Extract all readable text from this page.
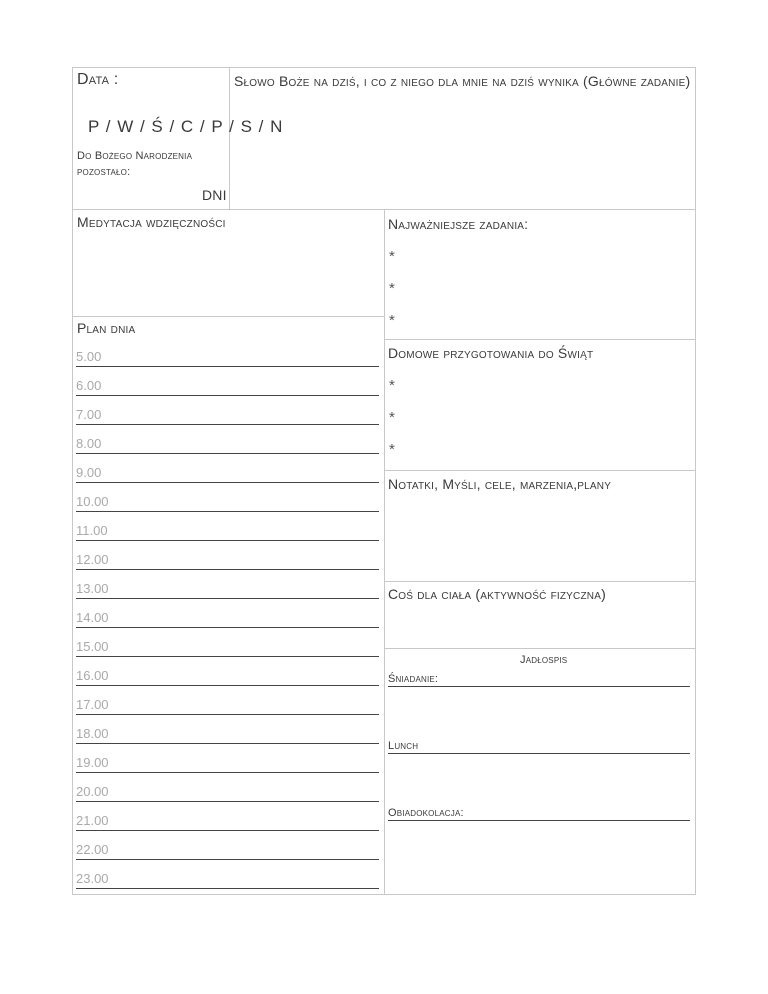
Data :
P / W / Ś / C / P / S / N
Do Bożego Narodzenia
pozostało:
DNI
Słowo Boże na dziś, i co z niego dla mnie na dziś wynika (Główne zadanie)
Medytacja wdzięczności
Plan dnia
5.00
6.00
7.00
8.00
9.00
10.00
11.00
12.00
13.00
14.00
15.00
16.00
17.00
18.00
19.00
20.00
21.00
22.00
23.00
Najważniejsze zadania:
*
*
*
Domowe przygotowania do Świąt
*
*
*
Notatki, Myśli, cele, marzenia,plany
Coś dla ciała (aktywność fizyczna)
Jadłospis
Śniadanie:
Lunch
Obiadokolacja:
